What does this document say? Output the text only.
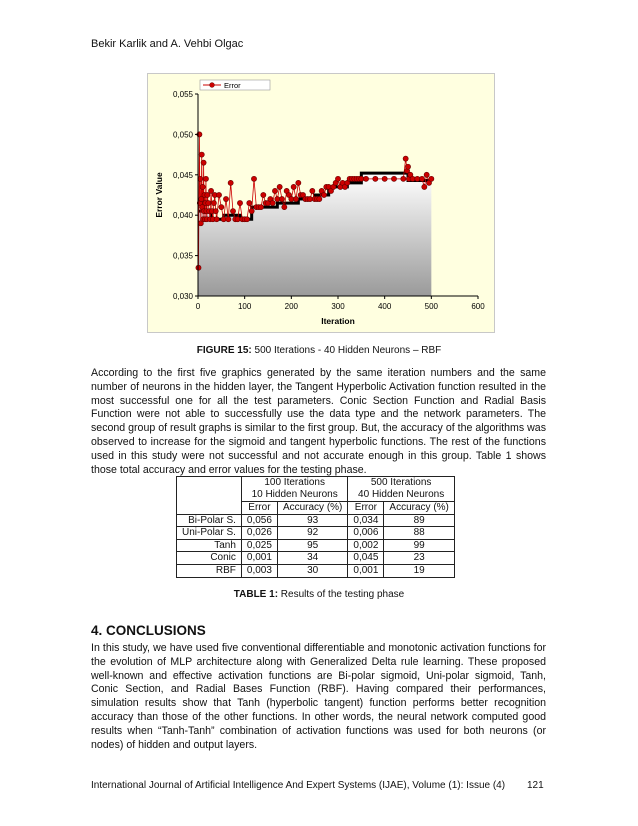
Bekir Karlik and A. Vehbi Olgac
0,030
0,035
0,040
0,045
0,050
0,055
0	100	200	300	400	500	600
Iteration
Error Value
Error
FIGURE 15: 500 Iterations - 40 Hidden Neurons – RBF
According to the first five graphics generated by the same iteration numbers and the same number of neurons in the hidden layer, the Tangent Hyperbolic Activation function resulted in the most successful one for all the test parameters. Conic Section Function and Radial Basis Function were not able to successfully use the data type and the network parameters. The second group of result graphs is similar to the first group. But, the accuracy of the algorithms was observed to increase for the sigmoid and tangent hyperbolic functions. The rest of the functions used in this study were not successful and not accurate enough in this group. Table 1 shows those total accuracy and error values for the testing phase.
	100 Iterations		500 Iterations	
	10 Hidden Neurons		40 Hidden Neurons	
	Error	Accuracy (%)	Error	Accuracy (%)
Bi-Polar S.	0,056	93	0,034	89
Uni-Polar S.	0,026	92	0,006	88
Tanh	0,025	95	0,002	99
Conic	0,001	34	0,045	23
RBF	0,003	30	0,001	19
TABLE 1: Results of the testing phase
4. CONCLUSIONS
In this study, we have used five conventional differentiable and monotonic activation functions for the evolution of MLP architecture along with Generalized Delta rule learning. These proposed well-known and effective activation functions are Bi-polar sigmoid, Uni-polar sigmoid, Tanh, Conic Section, and Radial Bases Function (RBF). Having compared their performances, simulation results show that Tanh (hyperbolic tangent) function performs better recognition accuracy than those of the other functions. In other words, the neural network computed good results when “Tanh-Tanh” combination of activation functions was used for both neurons (or nodes) of hidden and output layers.
International Journal of Artificial Intelligence And Expert Systems (IJAE), Volume (1): Issue (4) 121
